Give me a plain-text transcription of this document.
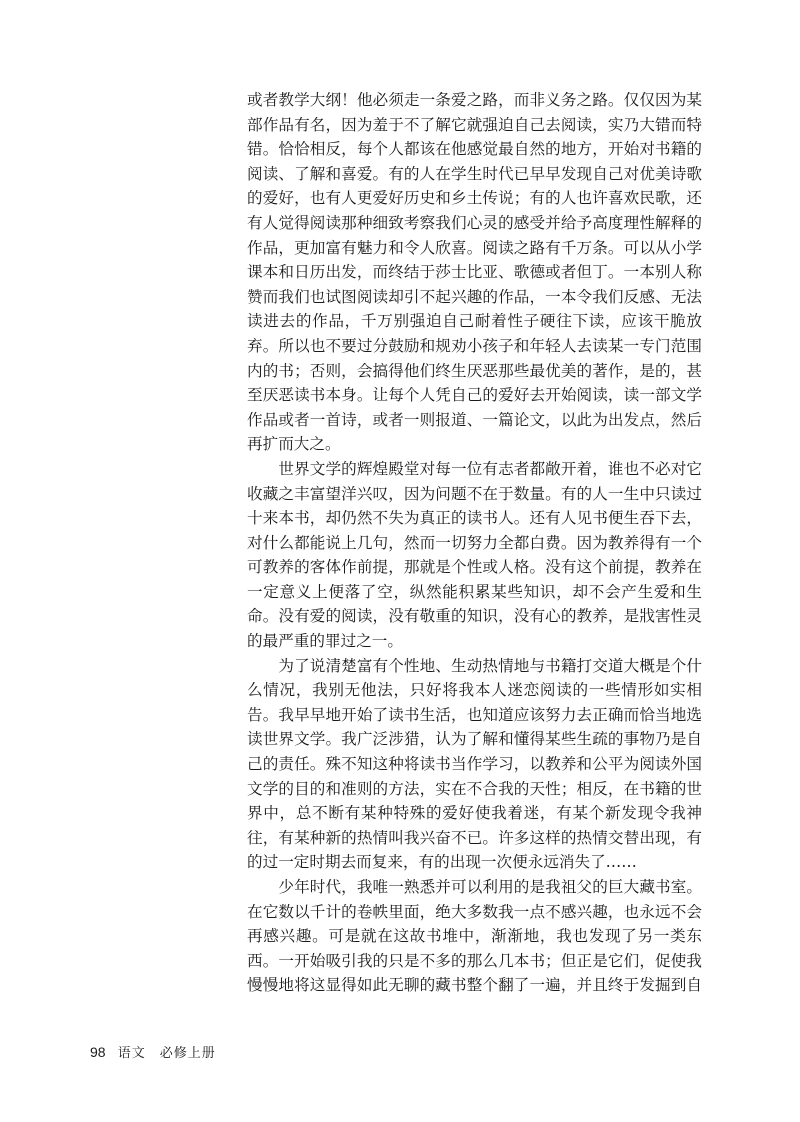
或者教学大纲！他必须走一条爱之路，而非义务之路。仅仅因为某
部作品有名，因为羞于不了解它就强迫自己去阅读，实乃大错而特
错。恰恰相反，每个人都该在他感觉最自然的地方，开始对书籍的
阅读、了解和喜爱。有的人在学生时代已早早发现自己对优美诗歌
的爱好，也有人更爱好历史和乡土传说；有的人也许喜欢民歌，还
有人觉得阅读那种细致考察我们心灵的感受并给予高度理性解释的
作品，更加富有魅力和令人欣喜。阅读之路有千万条。可以从小学
课本和日历出发，而终结于莎士比亚、歌德或者但丁。一本别人称
赞而我们也试图阅读却引不起兴趣的作品，一本令我们反感、无法
读进去的作品，千万别强迫自己耐着性子硬往下读，应该干脆放
弃。所以也不要过分鼓励和规劝小孩子和年轻人去读某一专门范围
内的书；否则，会搞得他们终生厌恶那些最优美的著作，是的，甚
至厌恶读书本身。让每个人凭自己的爱好去开始阅读，读一部文学
作品或者一首诗，或者一则报道、一篇论文，以此为出发点，然后
再扩而大之。
　　世界文学的辉煌殿堂对每一位有志者都敞开着，谁也不必对它
收藏之丰富望洋兴叹，因为问题不在于数量。有的人一生中只读过
十来本书，却仍然不失为真正的读书人。还有人见书便生吞下去，
对什么都能说上几句，然而一切努力全都白费。因为教养得有一个
可教养的客体作前提，那就是个性或人格。没有这个前提，教养在
一定意义上便落了空，纵然能积累某些知识，却不会产生爱和生
命。没有爱的阅读，没有敬重的知识，没有心的教养，是戕害性灵
的最严重的罪过之一。
　　为了说清楚富有个性地、生动热情地与书籍打交道大概是个什
么情况，我别无他法，只好将我本人迷恋阅读的一些情形如实相
告。我早早地开始了读书生活，也知道应该努力去正确而恰当地选
读世界文学。我广泛涉猎，认为了解和懂得某些生疏的事物乃是自
己的责任。殊不知这种将读书当作学习，以教养和公平为阅读外国
文学的目的和准则的方法，实在不合我的天性；相反，在书籍的世
界中，总不断有某种特殊的爱好使我着迷，有某个新发现令我神
往，有某种新的热情叫我兴奋不已。许多这样的热情交替出现，有
的过一定时期去而复来，有的出现一次便永远消失了……
　　少年时代，我唯一熟悉并可以利用的是我祖父的巨大藏书室。
在它数以千计的卷帙里面，绝大多数我一点不感兴趣，也永远不会
再感兴趣。可是就在这故书堆中，渐渐地，我也发现了另一类东
西。一开始吸引我的只是不多的那么几本书；但正是它们，促使我
慢慢地将这显得如此无聊的藏书整个翻了一遍，并且终于发掘到自
98 语文　必修上册
